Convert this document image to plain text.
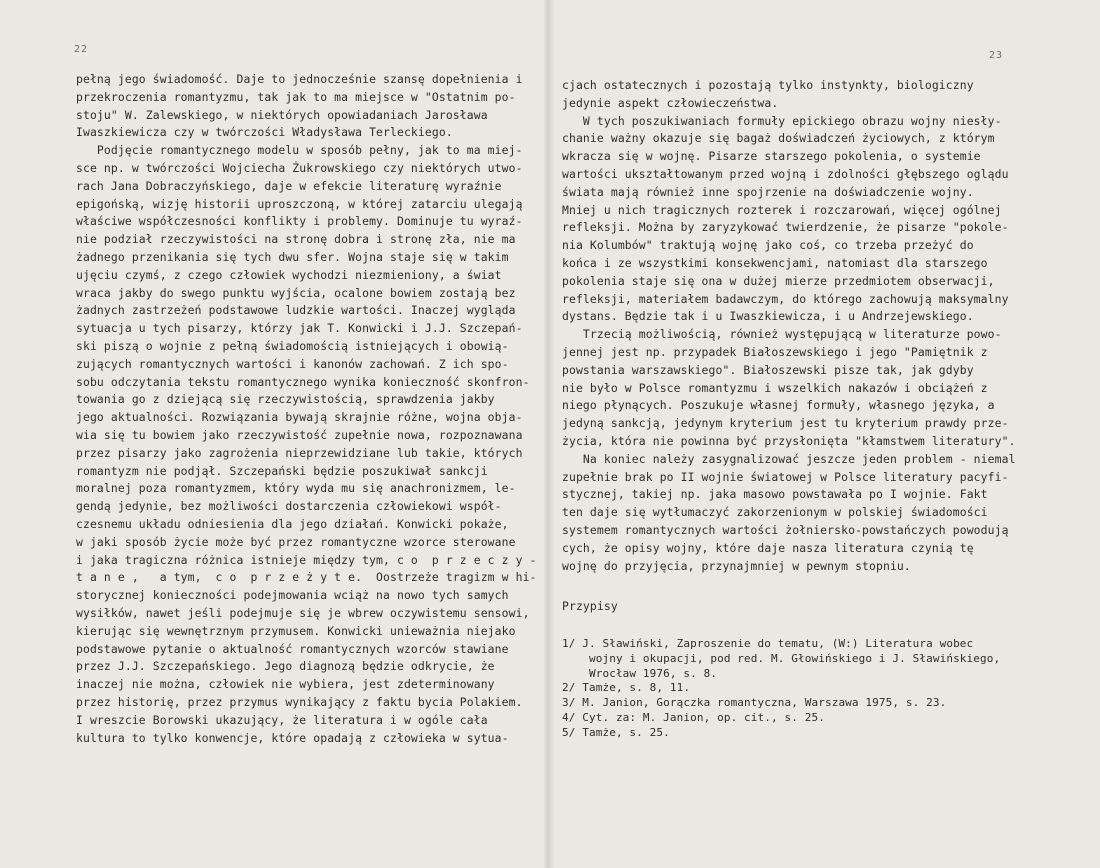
22
pełną jego świadomość. Daje to jednocześnie szansę dopełnienia i
przekroczenia romantyzmu, tak jak to ma miejsce w "Ostatnim po-
stoju" W. Zalewskiego, w niektórych opowiadaniach Jarosława
Iwaszkiewicza czy w twórczości Władysława Terleckiego.
Podjęcie romantycznego modelu w sposób pełny, jak to ma miej-
sce np. w twórczości Wojciecha Żukrowskiego czy niektórych utwo-
rach Jana Dobraczyńskiego, daje w efekcie literaturę wyraźnie
epigońską, wizję historii uproszczoną, w której zatarciu ulegają
właściwe współczesności konflikty i problemy. Dominuje tu wyraź-
nie podział rzeczywistości na stronę dobra i stronę zła, nie ma
żadnego przenikania się tych dwu sfer. Wojna staje się w takim
ujęciu czymś, z czego człowiek wychodzi niezmieniony, a świat
wraca jakby do swego punktu wyjścia, ocalone bowiem zostają bez
żadnych zastrzeżeń podstawowe ludzkie wartości. Inaczej wygląda
sytuacja u tych pisarzy, którzy jak T. Konwicki i J.J. Szczepań-
ski piszą o wojnie z pełną świadomością istniejących i obowią-
zujących romantycznych wartości i kanonów zachowań. Z ich spo-
sobu odczytania tekstu romantycznego wynika konieczność skonfron-
towania go z dziejącą się rzeczywistością, sprawdzenia jakby
jego aktualności. Rozwiązania bywają skrajnie różne, wojna obja-
wia się tu bowiem jako rzeczywistość zupełnie nowa, rozpoznawana
przez pisarzy jako zagrożenia nieprzewidziane lub takie, których
romantyzm nie podjął. Szczepański będzie poszukiwał sankcji
moralnej poza romantyzmem, który wyda mu się anachronizmem, le-
gendą jedynie, bez możliwości dostarczenia człowiekowi współ-
czesnemu układu odniesienia dla jego działań. Konwicki pokaże,
w jaki sposób życie może być przez romantyczne wzorce sterowane
i jaka tragiczna różnica istnieje między tym, c o  p r z e c z y -
t a n e ,   a tym,  c o  p r z e ż y t e.  Oostrzeże tragizm w hi-
storycznej konieczności podejmowania wciąż na nowo tych samych
wysiłków, nawet jeśli podejmuje się je wbrew oczywistemu sensowi,
kierując się wewnętrznym przymusem. Konwicki unieważnia niejako
podstawowe pytanie o aktualność romantycznych wzorców stawiane
przez J.J. Szczepańskiego. Jego diagnozą będzie odkrycie, że
inaczej nie można, człowiek nie wybiera, jest zdeterminowany
przez historię, przez przymus wynikający z faktu bycia Polakiem.
I wreszcie Borowski ukazujący, że literatura i w ogóle cała
kultura to tylko konwencje, które opadają z człowieka w sytua-
23
cjach ostatecznych i pozostają tylko instynkty, biologiczny
jedynie aspekt człowieczeństwa.
W tych poszukiwaniach formuły epickiego obrazu wojny niesły-
chanie ważny okazuje się bagaż doświadczeń życiowych, z którym
wkracza się w wojnę. Pisarze starszego pokolenia, o systemie
wartości ukształtowanym przed wojną i zdolności głębszego oglądu
świata mają również inne spojrzenie na doświadczenie wojny.
Mniej u nich tragicznych rozterek i rozczarowań, więcej ogólnej
refleksji. Można by zaryzykować twierdzenie, że pisarze "pokole-
nia Kolumbów" traktują wojnę jako coś, co trzeba przeżyć do
końca i ze wszystkimi konsekwencjami, natomiast dla starszego
pokolenia staje się ona w dużej mierze przedmiotem obserwacji,
refleksji, materiałem badawczym, do którego zachowują maksymalny
dystans. Będzie tak i u Iwaszkiewicza, i u Andrzejewskiego.
Trzecią możliwością, również występującą w literaturze powo-
jennej jest np. przypadek Białoszewskiego i jego "Pamiętnik z
powstania warszawskiego". Białoszewski pisze tak, jak gdyby
nie było w Polsce romantyzmu i wszelkich nakazów i obciążeń z
niego płynących. Poszukuje własnej formuły, własnego języka, a
jedyną sankcją, jedynym kryterium jest tu kryterium prawdy prze-
życia, która nie powinna być przysłonięta "kłamstwem literatury".
Na koniec należy zasygnalizować jeszcze jeden problem - niemal
zupełnie brak po II wojnie światowej w Polsce literatury pacyfi-
stycznej, takiej np. jaka masowo powstawała po I wojnie. Fakt
ten daje się wytłumaczyć zakorzenionym w polskiej świadomości
systemem romantycznych wartości żołniersko-powstańczych powodują
cych, że opisy wojny, które daje nasza literatura czynią tę
wojnę do przyjęcia, przynajmniej w pewnym stopniu.
Przypisy
1/ J. Sławiński, Zaproszenie do tematu, (W:) Literatura wobec
wojny i okupacji, pod red. M. Głowińskiego i J. Sławińskiego,
Wrocław 1976, s. 8.
2/ Tamże, s. 8, 11.
3/ M. Janion, Gorączka romantyczna, Warszawa 1975, s. 23.
4/ Cyt. za: M. Janion, op. cit., s. 25.
5/ Tamże, s. 25.
